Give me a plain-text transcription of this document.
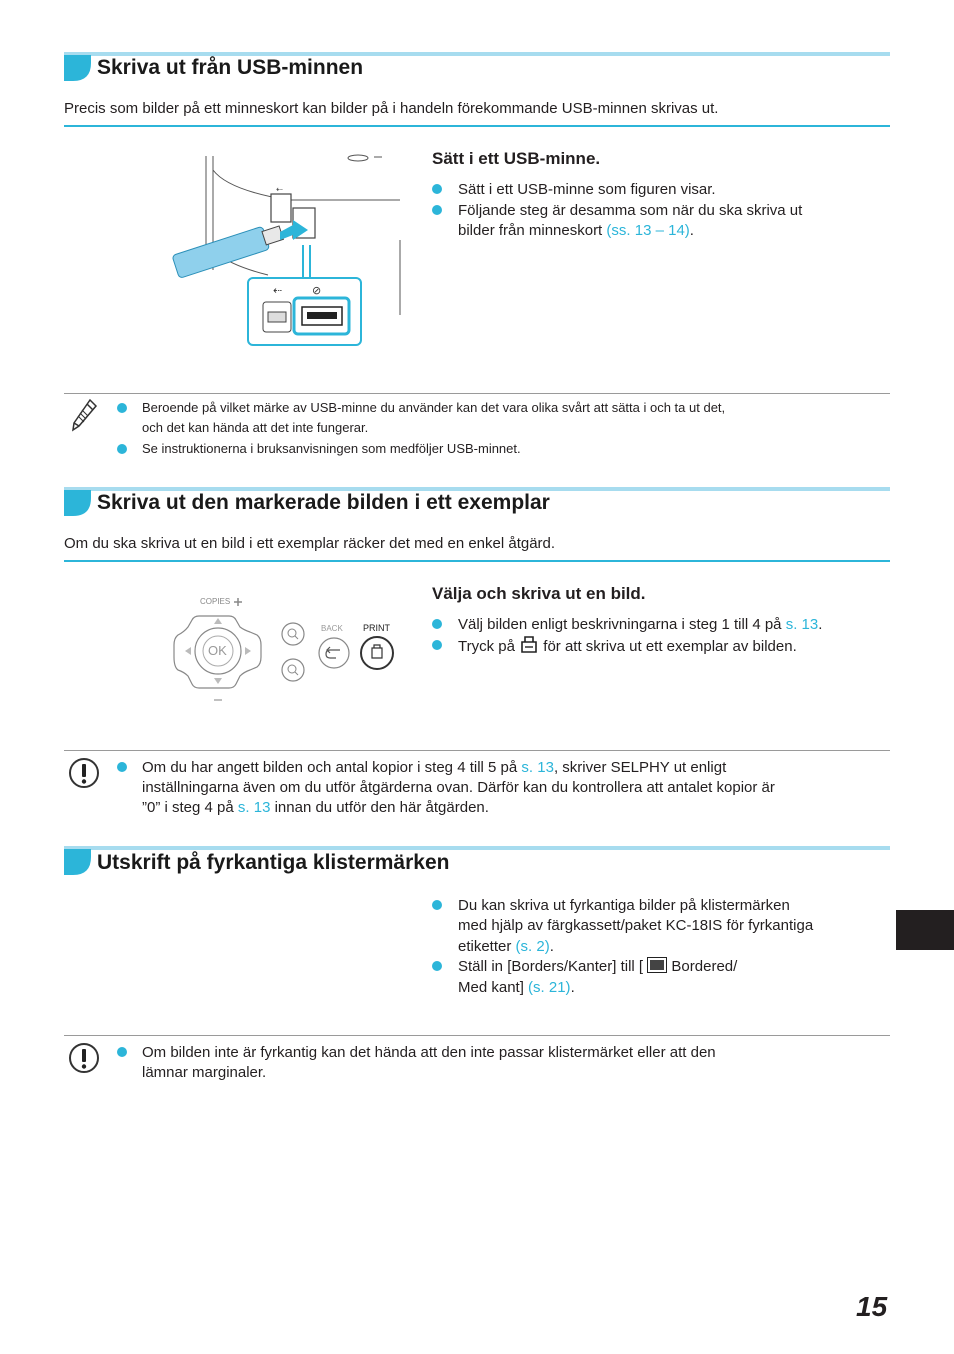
Skriva ut från USB-minnen
Precis som bilder på ett minneskort kan bilder på i handeln förekommande USB-minnen skrivas ut.
⇠
⇠	⊘
Sätt i ett USB-minne.
Sätt i ett USB-minne som figuren visar.
Följande steg är desamma som när du ska skriva ut
bilder från minneskort (ss. 13 – 14).
Beroende på vilket märke av USB-minne du använder kan det vara olika svårt att sätta i och ta ut det,
och det kan hända att det inte fungerar.
Se instruktionerna i bruksanvisningen som medföljer USB-minnet.
Skriva ut den markerade bilden i ett exemplar
Om du ska skriva ut en bild i ett exemplar räcker det med en enkel åtgärd.
COPIES
OK
BACK PRINT
Välja och skriva ut en bild.
Välj bilden enligt beskrivningarna i steg 1 till 4 på s. 13.
Tryck på  för att skriva ut ett exemplar av bilden.
Om du har angett bilden och antal kopior i steg 4 till 5 på s. 13, skriver SELPHY ut enligt
inställningarna även om du utför åtgärderna ovan. Därför kan du kontrollera att antalet kopior är
”0” i steg 4 på s. 13 innan du utför den här åtgärden.
Utskrift på fyrkantiga klistermärken
Du kan skriva ut fyrkantiga bilder på klistermärken
med hjälp av färgkassett/paket KC-18IS för fyrkantiga
etiketter (s. 2).
Ställ in [Borders/Kanter] till [  Bordered/
Med kant] (s. 21).
Om bilden inte är fyrkantig kan det hända att den inte passar klistermärket eller att den
lämnar marginaler.
15
